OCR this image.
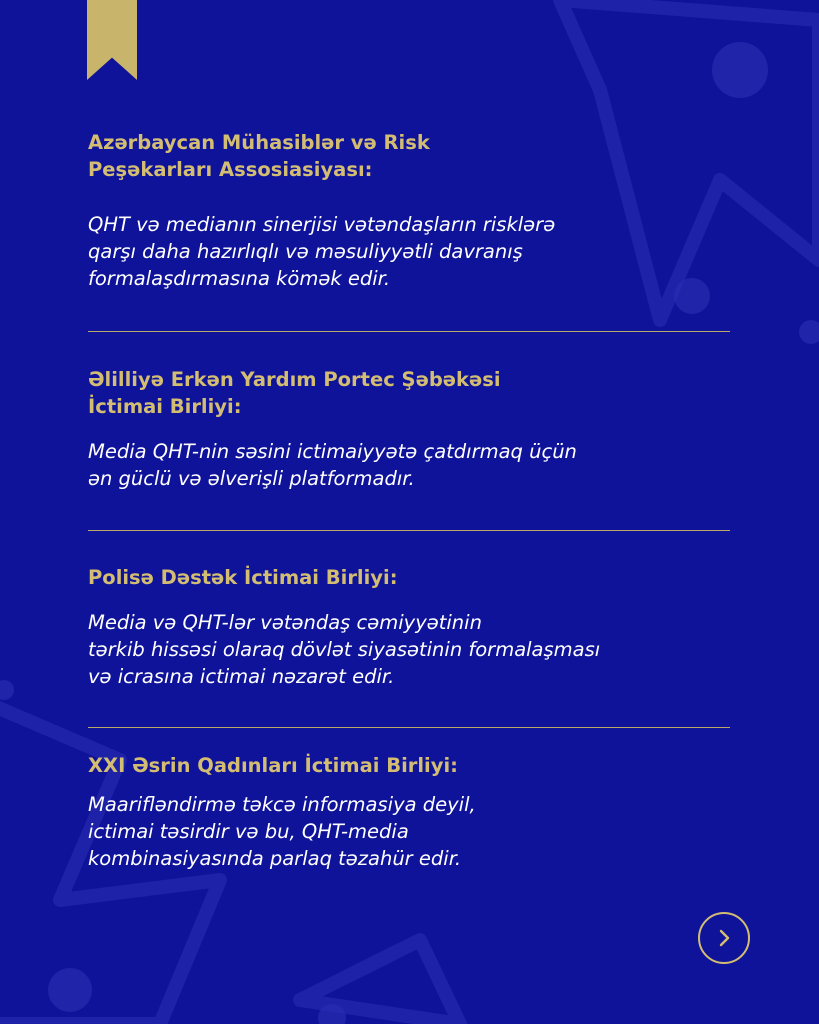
Azərbaycan Mühasiblər və Risk
Peşəkarları Assosiasiyası:

QHT və medianın sinerjisi vətəndaşların risklərə
qarşı daha hazırlıqlı və məsuliyyətli davranış
formalaşdırmasına kömək edir.

Əlilliyə Erkən Yardım Portec Şəbəkəsi
İctimai Birliyi:

Media QHT-nin səsini ictimaiyyətə çatdırmaq üçün
ən güclü və əlverişli platformadır.

Polisə Dəstək İctimai Birliyi:

Media və QHT-lər vətəndaş cəmiyyətinin
tərkib hissəsi olaraq dövlət siyasətinin formalaşması
və icrasına ictimai nəzarət edir.

XXI Əsrin Qadınları İctimai Birliyi:

Maarifləndirmə təkcə informasiya deyil,
ictimai təsirdir və bu, QHT-media
kombinasiyasında parlaq təzahür edir.
